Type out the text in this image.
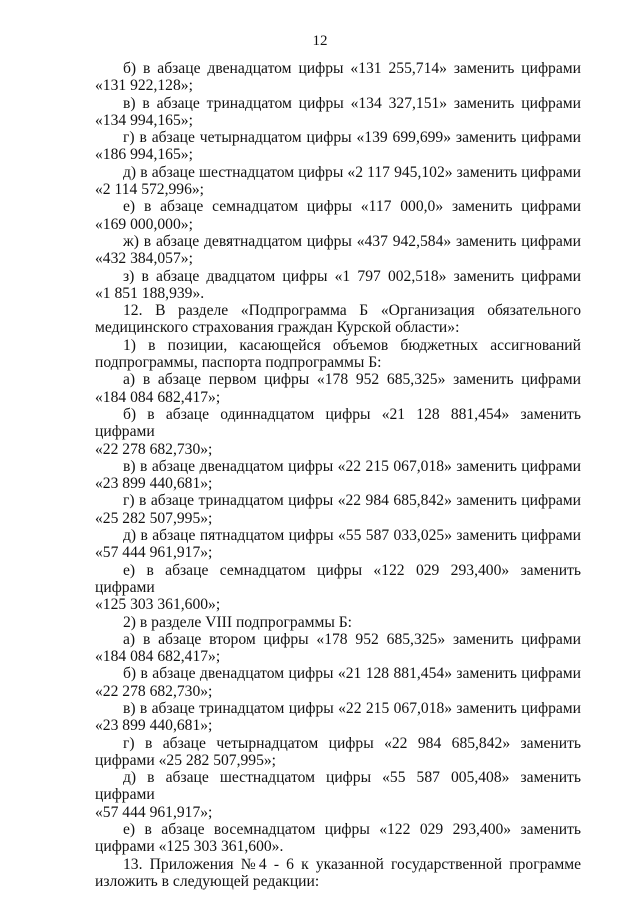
12

б) в абзаце двенадцатом цифры «131 255,714» заменить цифрами

«131 922,128»;

в) в абзаце тринадцатом цифры «134 327,151» заменить цифрами

«134 994,165»;

г) в абзаце четырнадцатом цифры «139 699,699» заменить цифрами

«186 994,165»;

д) в абзаце шестнадцатом цифры «2 117 945,102» заменить цифрами

«2 114 572,996»;

е) в абзаце семнадцатом цифры «117 000,0» заменить цифрами

«169 000,000»;

ж) в абзаце девятнадцатом цифры «437 942,584» заменить цифрами

«432 384,057»;

з) в абзаце двадцатом цифры «1 797 002,518» заменить цифрами

«1 851 188,939».

12. В разделе «Подпрограмма Б «Организация обязательного

медицинского страхования граждан Курской области»:

1) в позиции, касающейся объемов бюджетных ассигнований

подпрограммы, паспорта подпрограммы Б:

а) в абзаце первом цифры «178 952 685,325» заменить цифрами

«184 084 682,417»;

б) в абзаце одиннадцатом цифры «21 128 881,454» заменить цифрами

«22 278 682,730»;

в) в абзаце двенадцатом цифры «22 215 067,018» заменить цифрами

«23 899 440,681»;

г) в абзаце тринадцатом цифры «22 984 685,842» заменить цифрами

«25 282 507,995»;

д) в абзаце пятнадцатом цифры «55 587 033,025» заменить цифрами

«57 444 961,917»;

е) в абзаце семнадцатом цифры «122 029 293,400» заменить цифрами

«125 303 361,600»;

2) в разделе VIII подпрограммы Б:

а) в абзаце втором цифры «178 952 685,325» заменить цифрами

«184 084 682,417»;

б) в абзаце двенадцатом цифры «21 128 881,454» заменить цифрами

«22 278 682,730»;

в) в абзаце тринадцатом цифры «22 215 067,018» заменить цифрами

«23 899 440,681»;

г) в абзаце четырнадцатом цифры «22 984 685,842» заменить

цифрами «25 282 507,995»;

д) в абзаце шестнадцатом цифры «55 587 005,408» заменить цифрами

«57 444 961,917»;

е) в абзаце восемнадцатом цифры «122 029 293,400» заменить

цифрами «125 303 361,600».

13. Приложения №4 - 6 к указанной государственной программе

изложить в следующей редакции:
